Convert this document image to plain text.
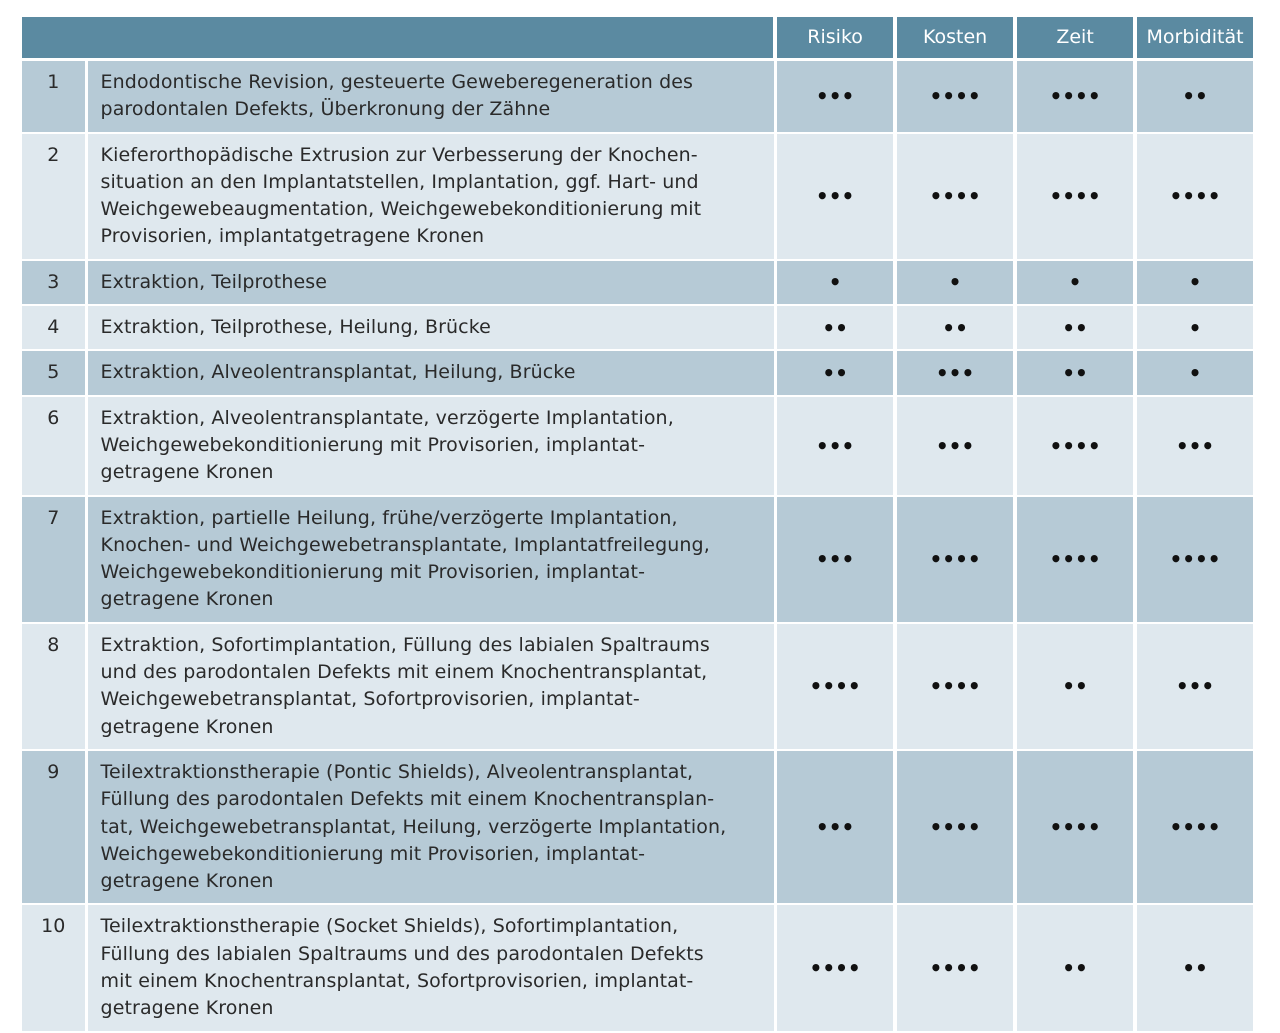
		Risiko	Kosten	Zeit	Morbidität
1	Endodontische Revision, gesteuerte Geweberegeneration des
parodontalen Defekts, Überkronung der Zähne	•••	••••	••••	••
2	Kieferorthopädische Extrusion zur Verbesserung der Knochen-
situation an den Implantatstellen, Implantation, ggf. Hart- und
Weichgewebeaugmentation, Weichgewebekonditionierung mit
Provisorien, implantatgetragene Kronen	•••	••••	••••	••••
3	Extraktion, Teilprothese	•	•	•	•
4	Extraktion, Teilprothese, Heilung, Brücke	••	••	••	•
5	Extraktion, Alveolentransplantat, Heilung, Brücke	••	•••	••	•
6	Extraktion, Alveolentransplantate, verzögerte Implantation,
Weichgewebekonditionierung mit Provisorien, implantat-
getragene Kronen	•••	•••	••••	•••
7	Extraktion, partielle Heilung, frühe/verzögerte Implantation,
Knochen- und Weichgewebetransplantate, Implantatfreilegung,
Weichgewebekonditionierung mit Provisorien, implantat-
getragene Kronen	•••	••••	••••	••••
8	Extraktion, Sofortimplantation, Füllung des labialen Spaltraums
und des parodontalen Defekts mit einem Knochentransplantat,
Weichgewebetransplantat, Sofortprovisorien, implantat-
getragene Kronen	••••	••••	••	•••
9	Teilextraktionstherapie (Pontic Shields), Alveolentransplantat,
Füllung des parodontalen Defekts mit einem Knochentransplan-
tat, Weichgewebetransplantat, Heilung, verzögerte Implantation,
Weichgewebekonditionierung mit Provisorien, implantat-
getragene Kronen	•••	••••	••••	••••
10	Teilextraktionstherapie (Socket Shields), Sofortimplantation,
Füllung des labialen Spaltraums und des parodontalen Defekts
mit einem Knochentransplantat, Sofortprovisorien, implantat-
getragene Kronen	••••	••••	••	••
